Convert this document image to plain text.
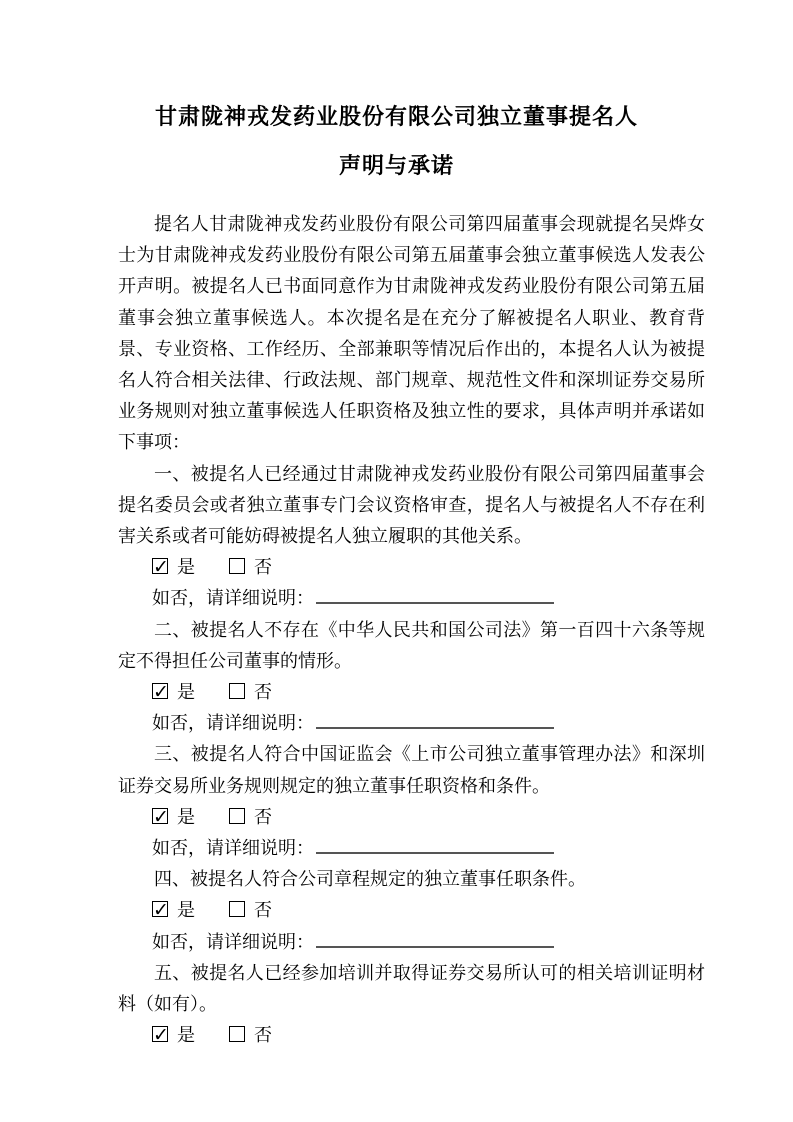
甘肃陇神戎发药业股份有限公司独立董事提名人
声明与承诺

提名人甘肃陇神戎发药业股份有限公司第四届董事会现就提名吴烨女士为甘肃陇神戎发药业股份有限公司第五届董事会独立董事候选人发表公开声明。被提名人已书面同意作为甘肃陇神戎发药业股份有限公司第五届董事会独立董事候选人。本次提名是在充分了解被提名人职业、教育背景、专业资格、工作经历、全部兼职等情况后作出的，本提名人认为被提名人符合相关法律、行政法规、部门规章、规范性文件和深圳证券交易所业务规则对独立董事候选人任职资格及独立性的要求，具体声明并承诺如下事项：

一、被提名人已经通过甘肃陇神戎发药业股份有限公司第四届董事会提名委员会或者独立董事专门会议资格审查，提名人与被提名人不存在利害关系或者可能妨碍被提名人独立履职的其他关系。

✓是	否
如否，请详细说明：

二、被提名人不存在《中华人民共和国公司法》第一百四十六条等规定不得担任公司董事的情形。

✓是	否
如否，请详细说明：

三、被提名人符合中国证监会《上市公司独立董事管理办法》和深圳证券交易所业务规则规定的独立董事任职资格和条件。

✓是	否
如否，请详细说明：

四、被提名人符合公司章程规定的独立董事任职条件。

✓是	否
如否，请详细说明：

五、被提名人已经参加培训并取得证券交易所认可的相关培训证明材料（如有）。

✓是	否
